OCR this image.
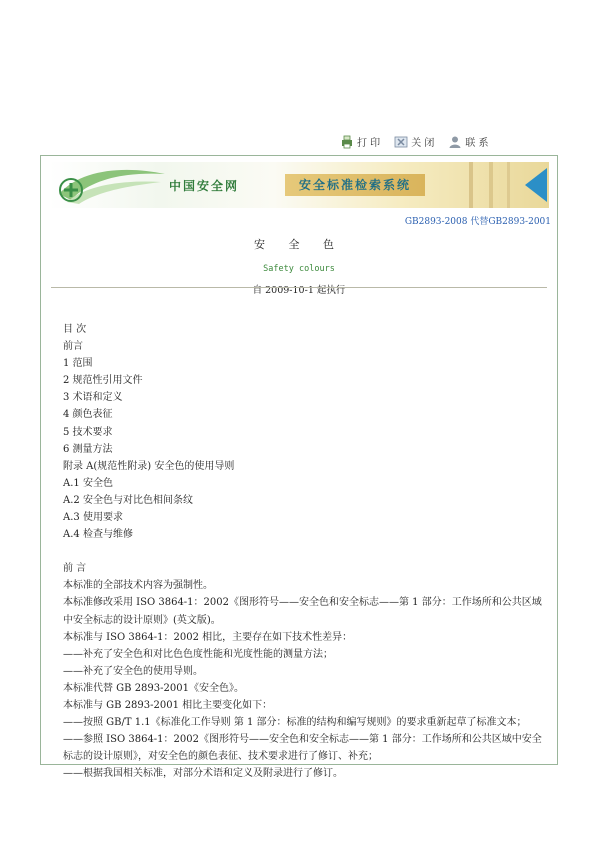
打 印	关 闭	联 系
中国安全网	安全标准检索系统
GB2893-2008 代替GB2893-2001
安 全 色
Safety colours
自 2009-10-1 起执行
目 次
前言
1 范围
2 规范性引用文件
3 术语和定义
4 颜色表征
5 技术要求
6 测量方法
附录 A(规范性附录) 安全色的使用导则
A.1 安全色
A.2 安全色与对比色相间条纹
A.3 使用要求
A.4 检查与维修
前 言
本标准的全部技术内容为强制性。
本标准修改采用 ISO 3864-1：2002《图形符号——安全色和安全标志——第 1 部分：工作场所和公共区域
中安全标志的设计原则》(英文版)。
本标准与 ISO 3864-1：2002 相比，主要存在如下技术性差异：
——补充了安全色和对比色色度性能和光度性能的测量方法；
——补充了安全色的使用导则。
本标准代替 GB 2893-2001《安全色》。
本标准与 GB 2893-2001 相比主要变化如下：
——按照 GB/T 1.1《标准化工作导则 第 1 部分：标准的结构和编写规则》的要求重新起草了标准文本；
——参照 ISO 3864-1：2002《图形符号——安全色和安全标志——第 1 部分：工作场所和公共区域中安全
标志的设计原则》，对安全色的颜色表征、技术要求进行了修订、补充；
——根据我国相关标准，对部分术语和定义及附录进行了修订。
